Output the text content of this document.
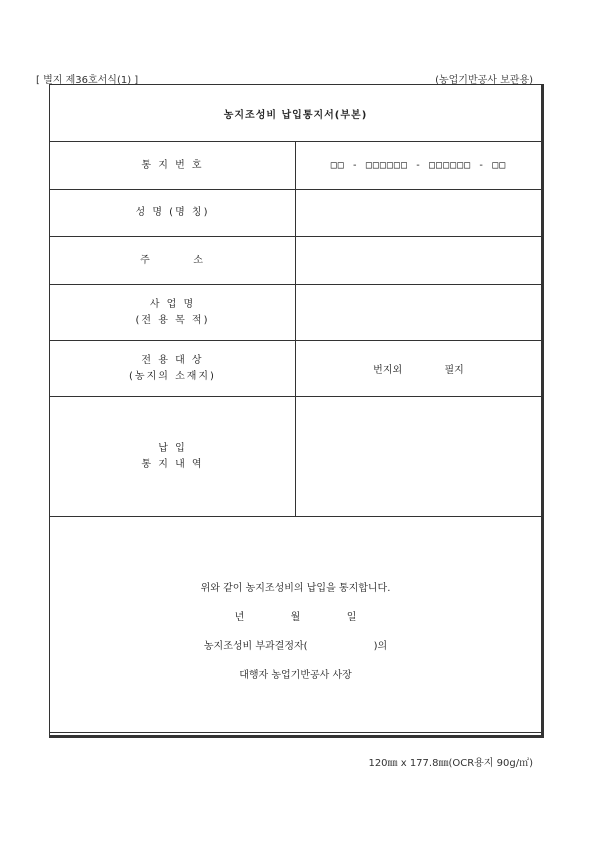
[ 별지 제36호서식(1) ]	(농업기반공사 보관용)
농지조성비 납입통지서(부본)	
통 지 번 호	□□ - □□□□□□ - □□□□□□ - □□
성 명 (명 칭)	
주        소	

사 업 명
(전 용 목 적)	

전 용 대 상
(농지의 소재지)	번지외 필지

납 입
통 지 내 역	

위와 같이 농지조성비의 납입을 통지합니다.

년 월 일

농지조성비 부과결정자( )의

대행자 농업기반공사 사장	

120㎜ x 177.8㎜(OCR용지 90g/㎡)
